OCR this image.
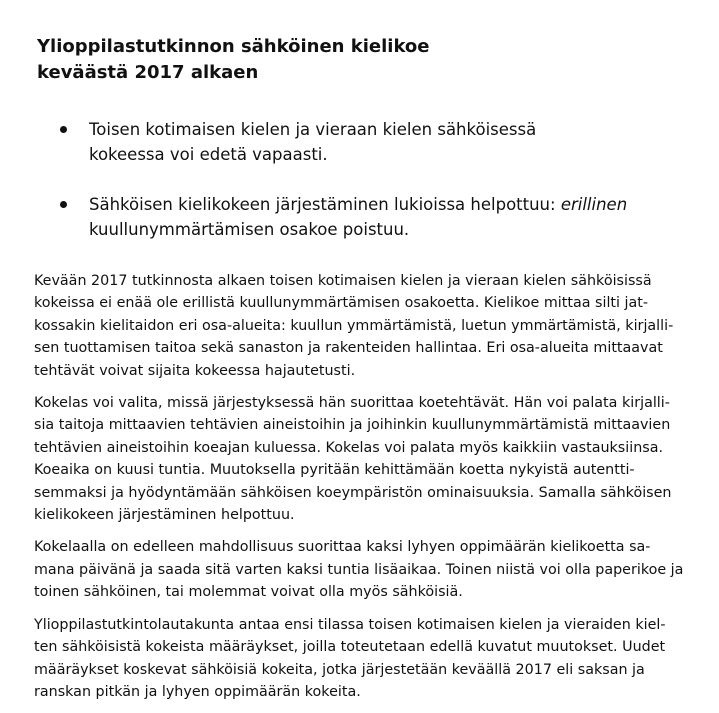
Ylioppilastutkinnon sähköinen kielikoe
keväästä 2017 alkaen
Toisen kotimaisen kielen ja vieraan kielen sähköisessä
kokeessa voi edetä vapaasti.
Sähköisen kielikokeen järjestäminen lukioissa helpottuu: erillinen
kuullunymmärtämisen osakoe poistuu.

Kevään 2017 tutkinnosta alkaen toisen kotimaisen kielen ja vieraan kielen sähköisissä
kokeissa ei enää ole erillistä kuullunymmärtämisen osakoetta. Kielikoe mittaa silti jat-
kossakin kielitaidon eri osa-alueita: kuullun ymmärtämistä, luetun ymmärtämistä, kirjalli-
sen tuottamisen taitoa sekä sanaston ja rakenteiden hallintaa. Eri osa-alueita mittaavat
tehtävät voivat sijaita kokeessa hajautetusti.

Kokelas voi valita, missä järjestyksessä hän suorittaa koetehtävät. Hän voi palata kirjalli-
sia taitoja mittaavien tehtävien aineistoihin ja joihinkin kuullunymmärtämistä mittaavien
tehtävien aineistoihin koeajan kuluessa. Kokelas voi palata myös kaikkiin vastauksiinsa.
Koeaika on kuusi tuntia. Muutoksella pyritään kehittämään koetta nykyistä autentti-
semmaksi ja hyödyntämään sähköisen koeympäristön ominaisuuksia. Samalla sähköisen
kielikokeen järjestäminen helpottuu.

Kokelaalla on edelleen mahdollisuus suorittaa kaksi lyhyen oppimäärän kielikoetta sa-
mana päivänä ja saada sitä varten kaksi tuntia lisäaikaa. Toinen niistä voi olla paperikoe ja
toinen sähköinen, tai molemmat voivat olla myös sähköisiä.

Ylioppilastutkintolautakunta antaa ensi tilassa toisen kotimaisen kielen ja vieraiden kiel-
ten sähköisistä kokeista määräykset, joilla toteutetaan edellä kuvatut muutokset. Uudet
määräykset koskevat sähköisiä kokeita, jotka järjestetään keväällä 2017 eli saksan ja
ranskan pitkän ja lyhyen oppimäärän kokeita.
